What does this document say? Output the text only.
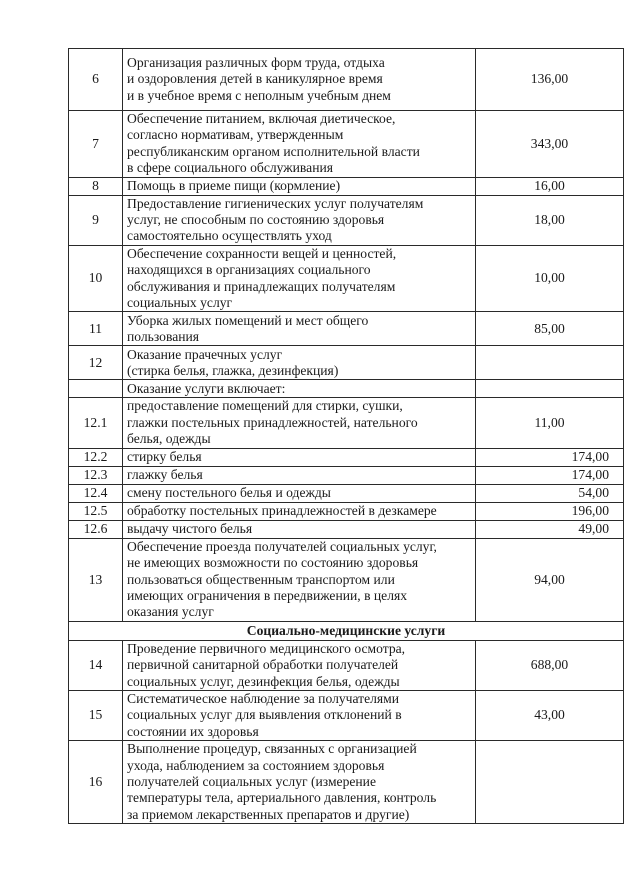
6	Организация различных форм труда, отдыха
и оздоровления детей в каникулярное время
и в учебное время с неполным учебным днем	136,00
7	Обеспечение питанием, включая диетическое,
согласно нормативам, утвержденным
республиканским органом исполнительной власти
в сфере социального обслуживания	343,00
8	Помощь в приеме пищи (кормление)	16,00
9	Предоставление гигиенических услуг получателям
услуг, не способным по состоянию здоровья
самостоятельно осуществлять уход	18,00
10	Обеспечение сохранности вещей и ценностей,
находящихся в организациях социального
обслуживания и принадлежащих получателям
социальных услуг	10,00
11	Уборка жилых помещений и мест общего
пользования	85,00
12	Оказание прачечных услуг
(стирка белья, глажка, дезинфекция)	

	Оказание услуги включает:	

12.1	предоставление помещений для стирки, сушки,
глажки постельных принадлежностей, нательного
белья, одежды	11,00
12.2	стирку белья	174,00
12.3	глажку белья	174,00
12.4	смену постельного белья и одежды	54,00
12.5	обработку постельных принадлежностей в дезкамере	196,00
12.6	выдачу чистого белья	49,00
13	Обеспечение проезда получателей социальных услуг,
не имеющих возможности по состоянию здоровья
пользоваться общественным транспортом или
имеющих ограничения в передвижении, в целях
оказания услуг	94,00
Социально-медицинские услуги		
14	Проведение первичного медицинского осмотра,
первичной санитарной обработки получателей
социальных услуг, дезинфекция белья, одежды	688,00
15	Систематическое наблюдение за получателями
социальных услуг для выявления отклонений в
состоянии их здоровья	43,00
16	Выполнение процедур, связанных с организацией
ухода, наблюдением за состоянием здоровья
получателей социальных услуг (измерение
температуры тела, артериального давления, контроль
за приемом лекарственных препаратов и другие)	
